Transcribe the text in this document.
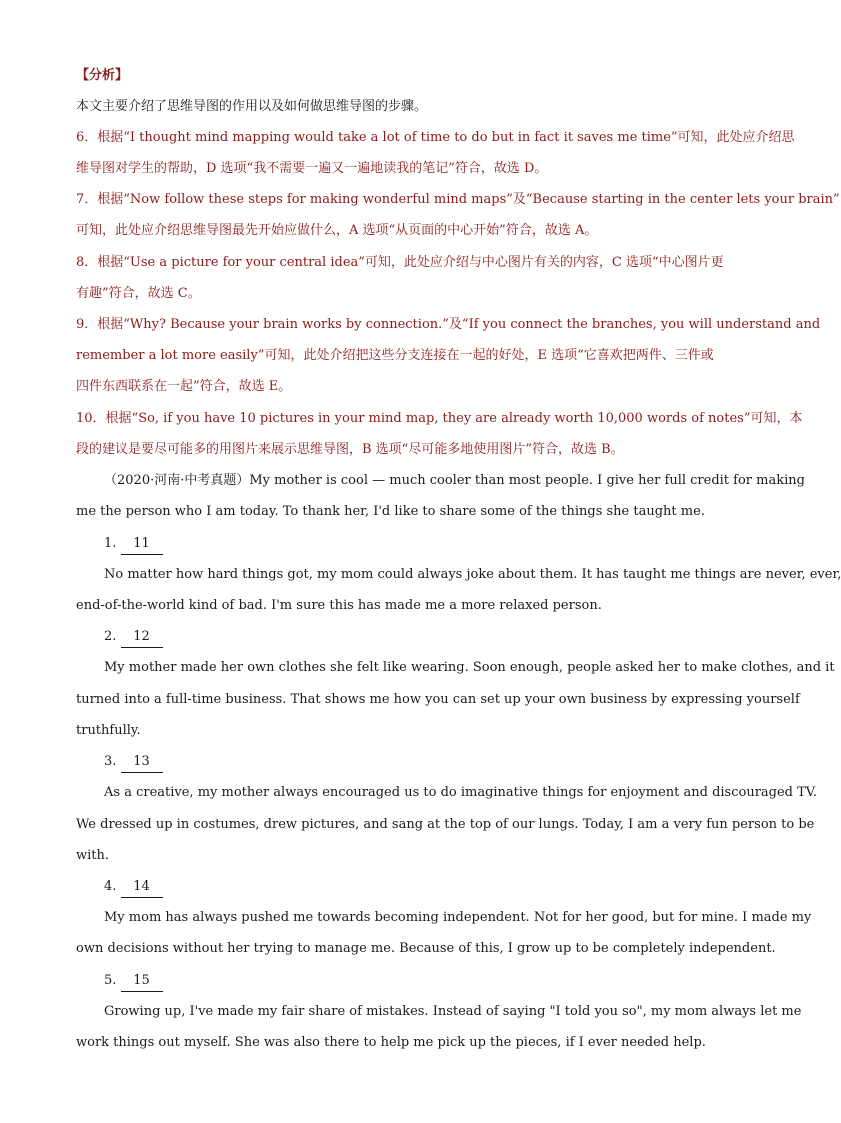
【分析】
本文主要介绍了思维导图的作用以及如何做思维导图的步骤。
6．根据“I thought mind mapping would take a lot of time to do but in fact it saves me time”可知，此处应介绍思
维导图对学生的帮助，D 选项“我不需要一遍又一遍地读我的笔记”符合，故选 D。
7．根据“Now follow these steps for making wonderful mind maps”及“Because starting in the center lets your brain”
可知，此处应介绍思维导图最先开始应做什么，A 选项“从页面的中心开始”符合，故选 A。
8．根据“Use a picture for your central idea”可知，此处应介绍与中心图片有关的内容，C 选项“中心图片更
有趣”符合，故选 C。
9．根据“Why? Because your brain works by connection.”及“If you connect the branches, you will understand and
remember a lot more easily”可知，此处介绍把这些分支连接在一起的好处，E 选项“它喜欢把两件、三件或
四件东西联系在一起”符合，故选 E。
10．根据“So, if you have 10 pictures in your mind map, they are already worth 10,000 words of notes”可知，本
段的建议是要尽可能多的用图片来展示思维导图，B 选项“尽可能多地使用图片”符合，故选 B。
（2020·河南·中考真题）My mother is cool — much cooler than most people. I give her full credit for making
me the person who I am today. To thank her, I'd like to share some of the things she taught me.
1. 11
No matter how hard things got, my mom could always joke about them. It has taught me things are never, ever,
end-of-the-world kind of bad. I'm sure this has made me a more relaxed person.
2. 12
My mother made her own clothes she felt like wearing. Soon enough, people asked her to make clothes, and it
turned into a full-time business. That shows me how you can set up your own business by expressing yourself
truthfully.
3. 13
As a creative, my mother always encouraged us to do imaginative things for enjoyment and discouraged TV.
We dressed up in costumes, drew pictures, and sang at the top of our lungs. Today, I am a very fun person to be
with.
4. 14
My mom has always pushed me towards becoming independent. Not for her good, but for mine. I made my
own decisions without her trying to manage me. Because of this, I grow up to be completely independent.
5. 15
Growing up, I've made my fair share of mistakes. Instead of saying "I told you so", my mom always let me
work things out myself. She was also there to help me pick up the pieces, if I ever needed help.
